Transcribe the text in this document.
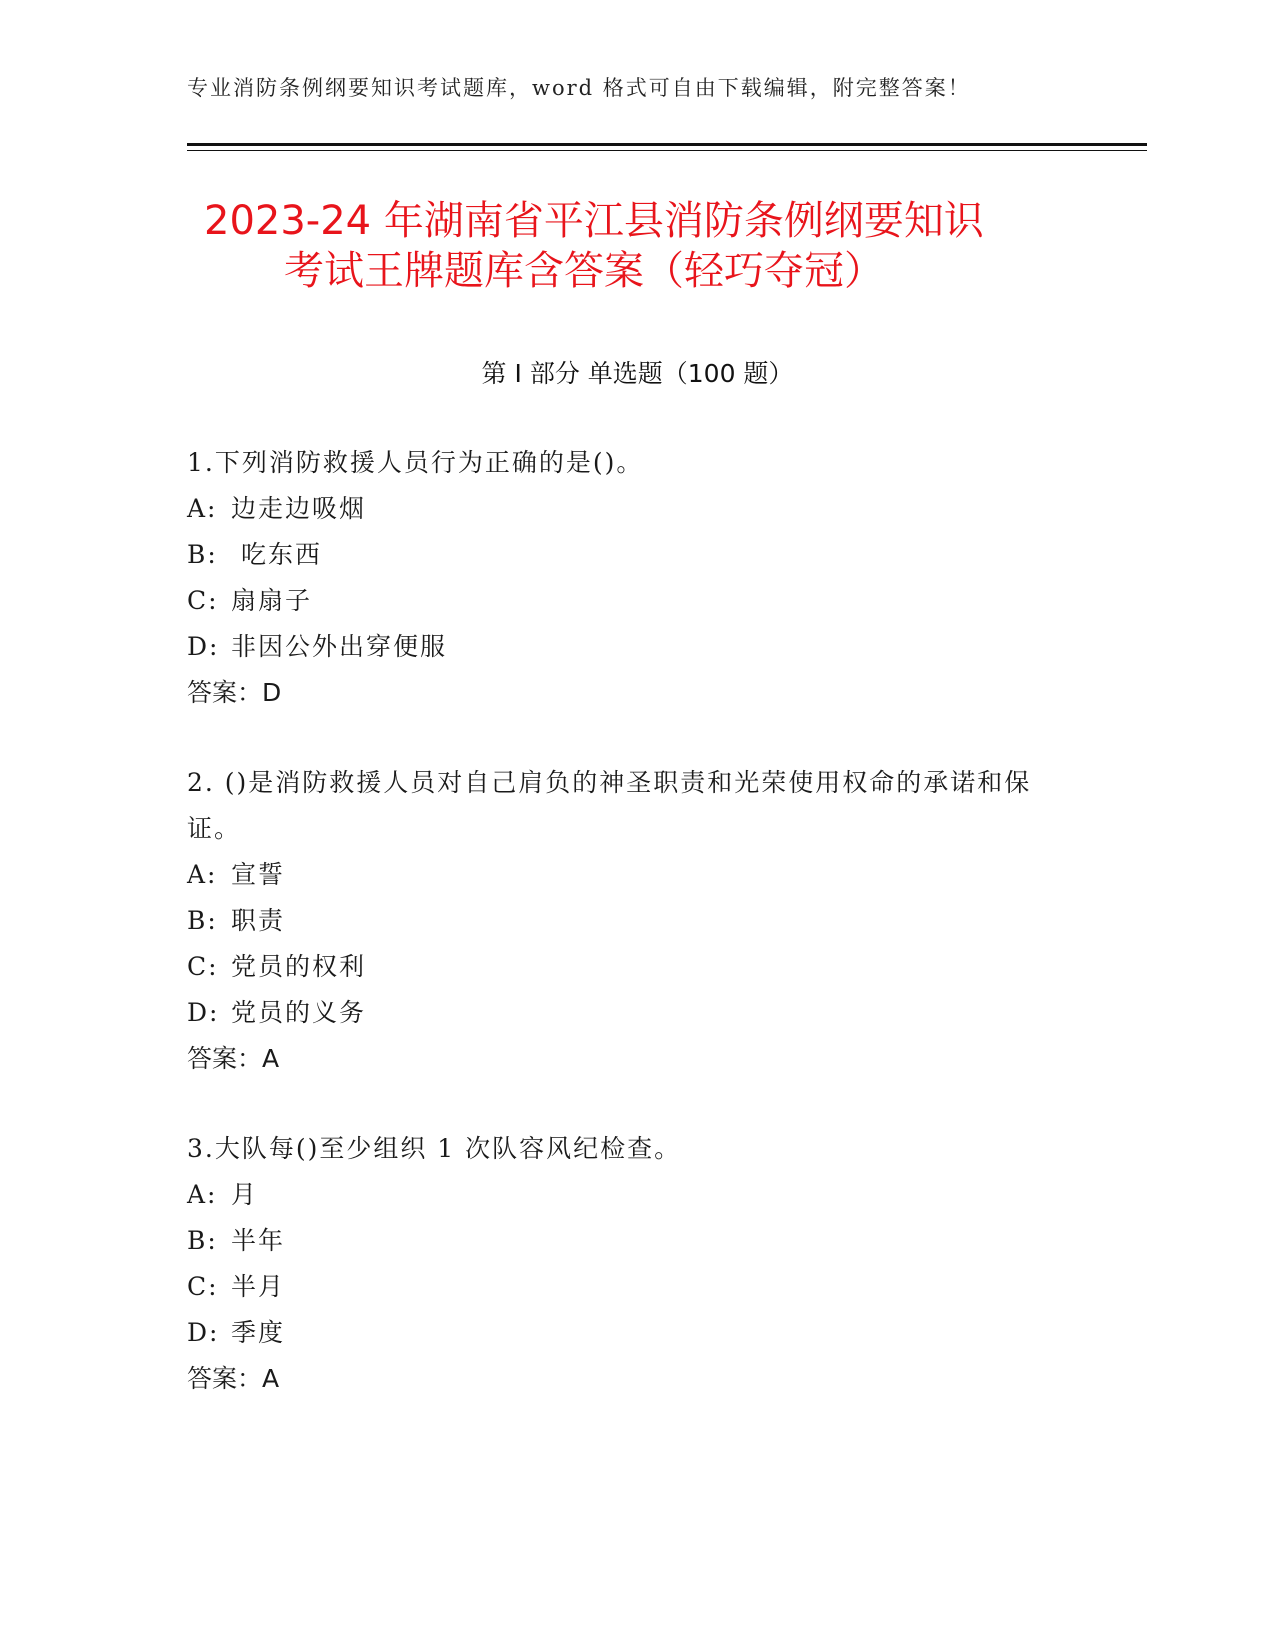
专业消防条例纲要知识考试题库，word 格式可自由下载编辑，附完整答案！
2023-24 年湖南省平江县消防条例纲要知识
考试王牌题库含答案（轻巧夺冠）
第 I 部分 单选题（100 题）
1.下列消防救援人员行为正确的是()。
A: 边走边吸烟
B: 吃东西
C: 扇扇子
D: 非因公外出穿便服
答案：D
2. ()是消防救援人员对自己肩负的神圣职责和光荣使用权命的承诺和保证。
A: 宣誓
B: 职责
C: 党员的权利
D: 党员的义务
答案：A
3.大队每()至少组织 1 次队容风纪检查。
A: 月
B: 半年
C: 半月
D: 季度
答案：A
